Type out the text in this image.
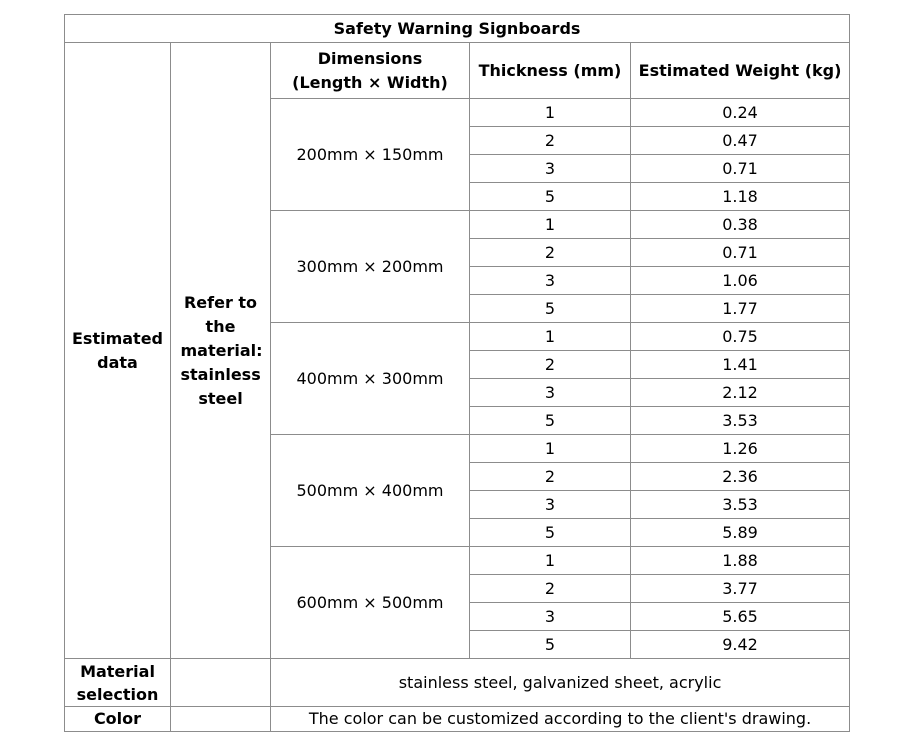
Safety Warning Signboards				
Estimated data	Refer to the material: stainless steel	Dimensions (Length × Width)	Thickness (mm)	Estimated Weight (kg)
		200mm × 150mm	1	0.24
			2	0.47
			3	0.71
			5	1.18
		300mm × 200mm	1	0.38
			2	0.71
			3	1.06
			5	1.77
		400mm × 300mm	1	0.75
			2	1.41
			3	2.12
			5	3.53
		500mm × 400mm	1	1.26
			2	2.36
			3	3.53
			5	5.89
		600mm × 500mm	1	1.88
			2	3.77
			3	5.65
			5	9.42

Material selection		stainless steel, galvanized sheet, acrylic		
Color		The color can be customized according to the client's drawing.		
